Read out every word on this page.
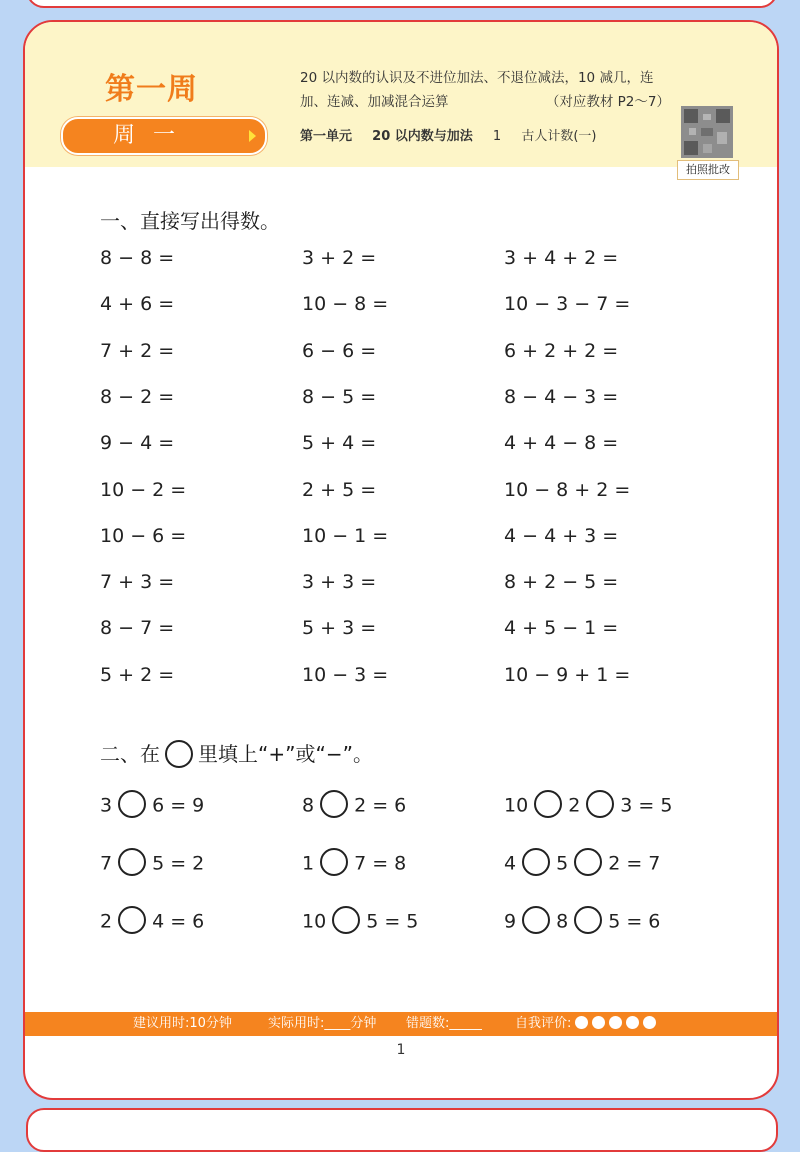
第一周
周一
20 以内数的认识及不进位加法、不退位减法，10 减几，连
加、连减、加减混合运算	（对应教材 P2～7）
第一单元 20 以内数与加法 1 古人计数(一)
拍照批改
一、直接写出得数。
8 − 8 =	3 + 2 =	3 + 4 + 2 =
4 + 6 =	10 − 8 =	10 − 3 − 7 =
7 + 2 =	6 − 6 =	6 + 2 + 2 =
8 − 2 =	8 − 5 =	8 − 4 − 3 =
9 − 4 =	5 + 4 =	4 + 4 − 8 =
10 − 2 =	2 + 5 =	10 − 8 + 2 =
10 − 6 =	10 − 1 =	4 − 4 + 3 =
7 + 3 =	3 + 3 =	8 + 2 − 5 =
8 − 7 =	5 + 3 =	4 + 5 − 1 =
5 + 2 =	10 − 3 =	10 − 9 + 1 =
二、在 里填上“+”或“−”。
3 6 = 9	8 2 = 6	10 2 3 = 5
7 5 = 2	1 7 = 8	4 5 2 = 7
2 4 = 6	10 5 = 5	9 8 5 = 6
建议用时:10分钟	实际用时:____分钟 错题数:_____	自我评价:
1
